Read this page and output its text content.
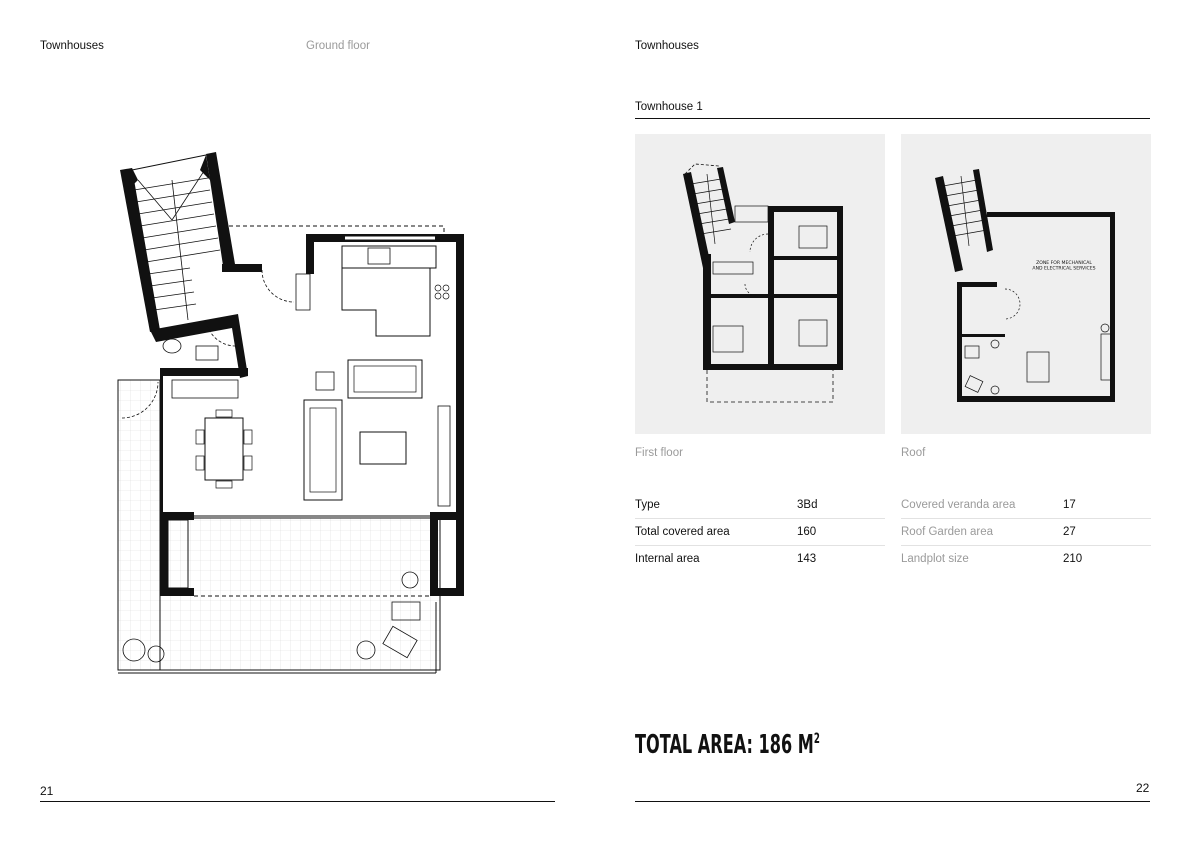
Townhouses	Ground floor
21
Townhouses
Townhouse 1
First floor
ZONE FOR MECHANICAL
AND ELECTRICAL SERVICES
Roof
Type	3Bd
Total covered area	160
Internal area	143
Covered veranda area	17
Roof Garden area	27
Landplot size	210
TOTAL AREA: 186 $M^2$
22
